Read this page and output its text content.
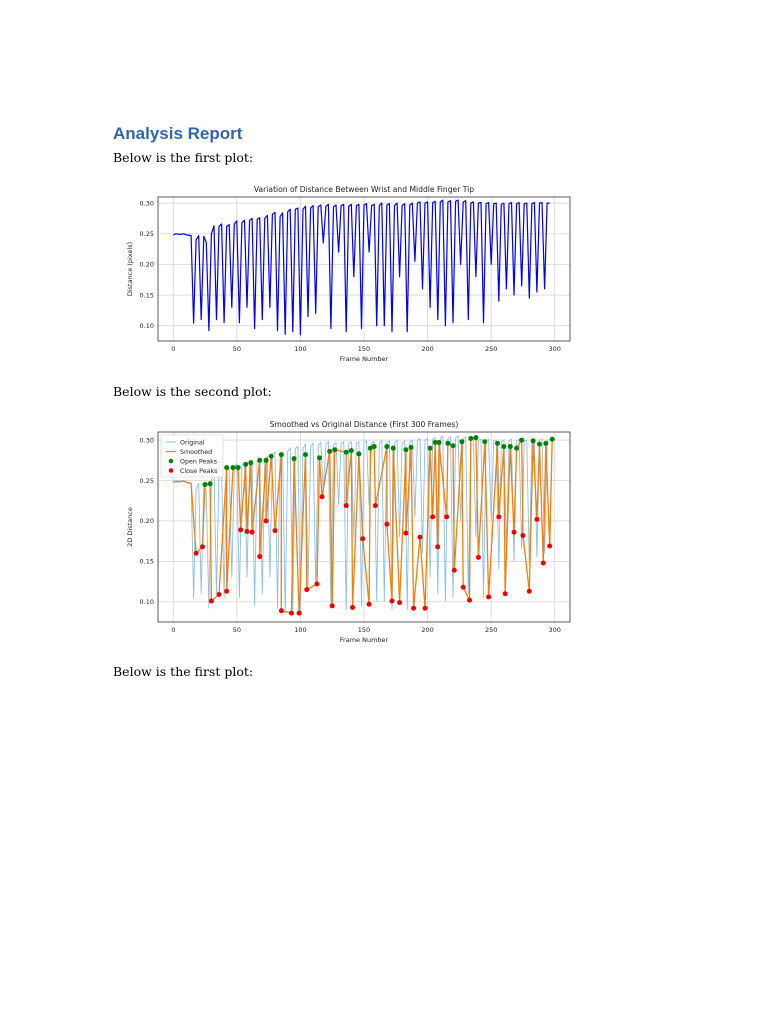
Analysis Report

Below is the first plot:

0	50	100	150	200	250	300
0.10
0.15
0.20
0.25
0.30
Variation of Distance Between Wrist and Middle Finger Tip
Frame Number
Distance (pixels)

Below is the second plot:

0	50	100	150	200	250	300
0.10
0.15
0.20
0.25
0.30
Smoothed vs Original Distance (First 300 Frames)
Frame Number
2D Distance
Original
Smoothed
Open Peaks
Close Peaks

Below is the first plot:
